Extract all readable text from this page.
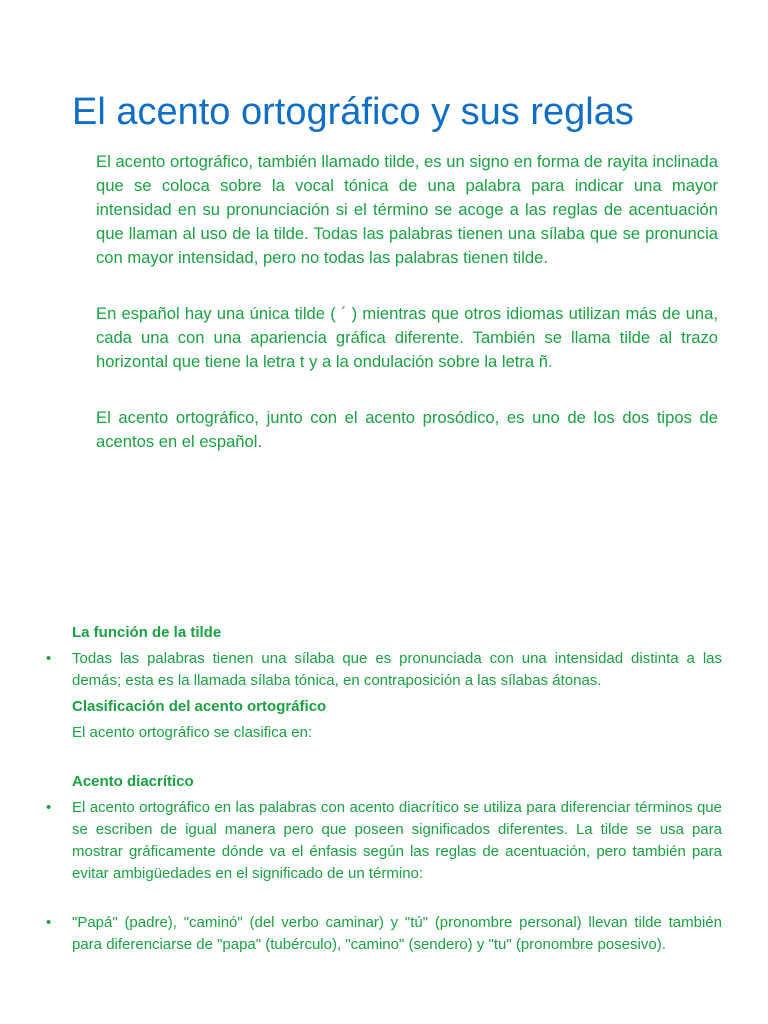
El acento ortográfico y sus reglas

El acento ortográfico, también llamado tilde, es un signo en forma de rayita inclinada que se coloca sobre la vocal tónica de una palabra para indicar una mayor intensidad en su pronunciación si el término se acoge a las reglas de acentuación que llaman al uso de la tilde. Todas las palabras tienen una sílaba que se pronuncia con mayor intensidad, pero no todas las palabras tienen tilde.

En español hay una única tilde ( ´ ) mientras que otros idiomas utilizan más de una, cada una con una apariencia gráfica diferente. También se llama tilde al trazo horizontal que tiene la letra t y a la ondulación sobre la letra ñ.

El acento ortográfico, junto con el acento prosódico, es uno de los dos tipos de acentos en el español.

La función de la tilde

• Todas las palabras tienen una sílaba que es pronunciada con una intensidad distinta a las demás; esta es la llamada sílaba tónica, en contraposición a las sílabas átonas.

Clasificación del acento ortográfico

El acento ortográfico se clasifica en:

Acento diacrítico

• El acento ortográfico en las palabras con acento diacrítico se utiliza para diferenciar términos que se escriben de igual manera pero que poseen significados diferentes. La tilde se usa para mostrar gráficamente dónde va el énfasis según las reglas de acentuación, pero también para evitar ambigüedades en el significado de un término:

• "Papá" (padre), "caminó" (del verbo caminar) y "tú" (pronombre personal) llevan tilde también para diferenciarse de "papa" (tubérculo), "camino" (sendero) y "tu" (pronombre posesivo).
